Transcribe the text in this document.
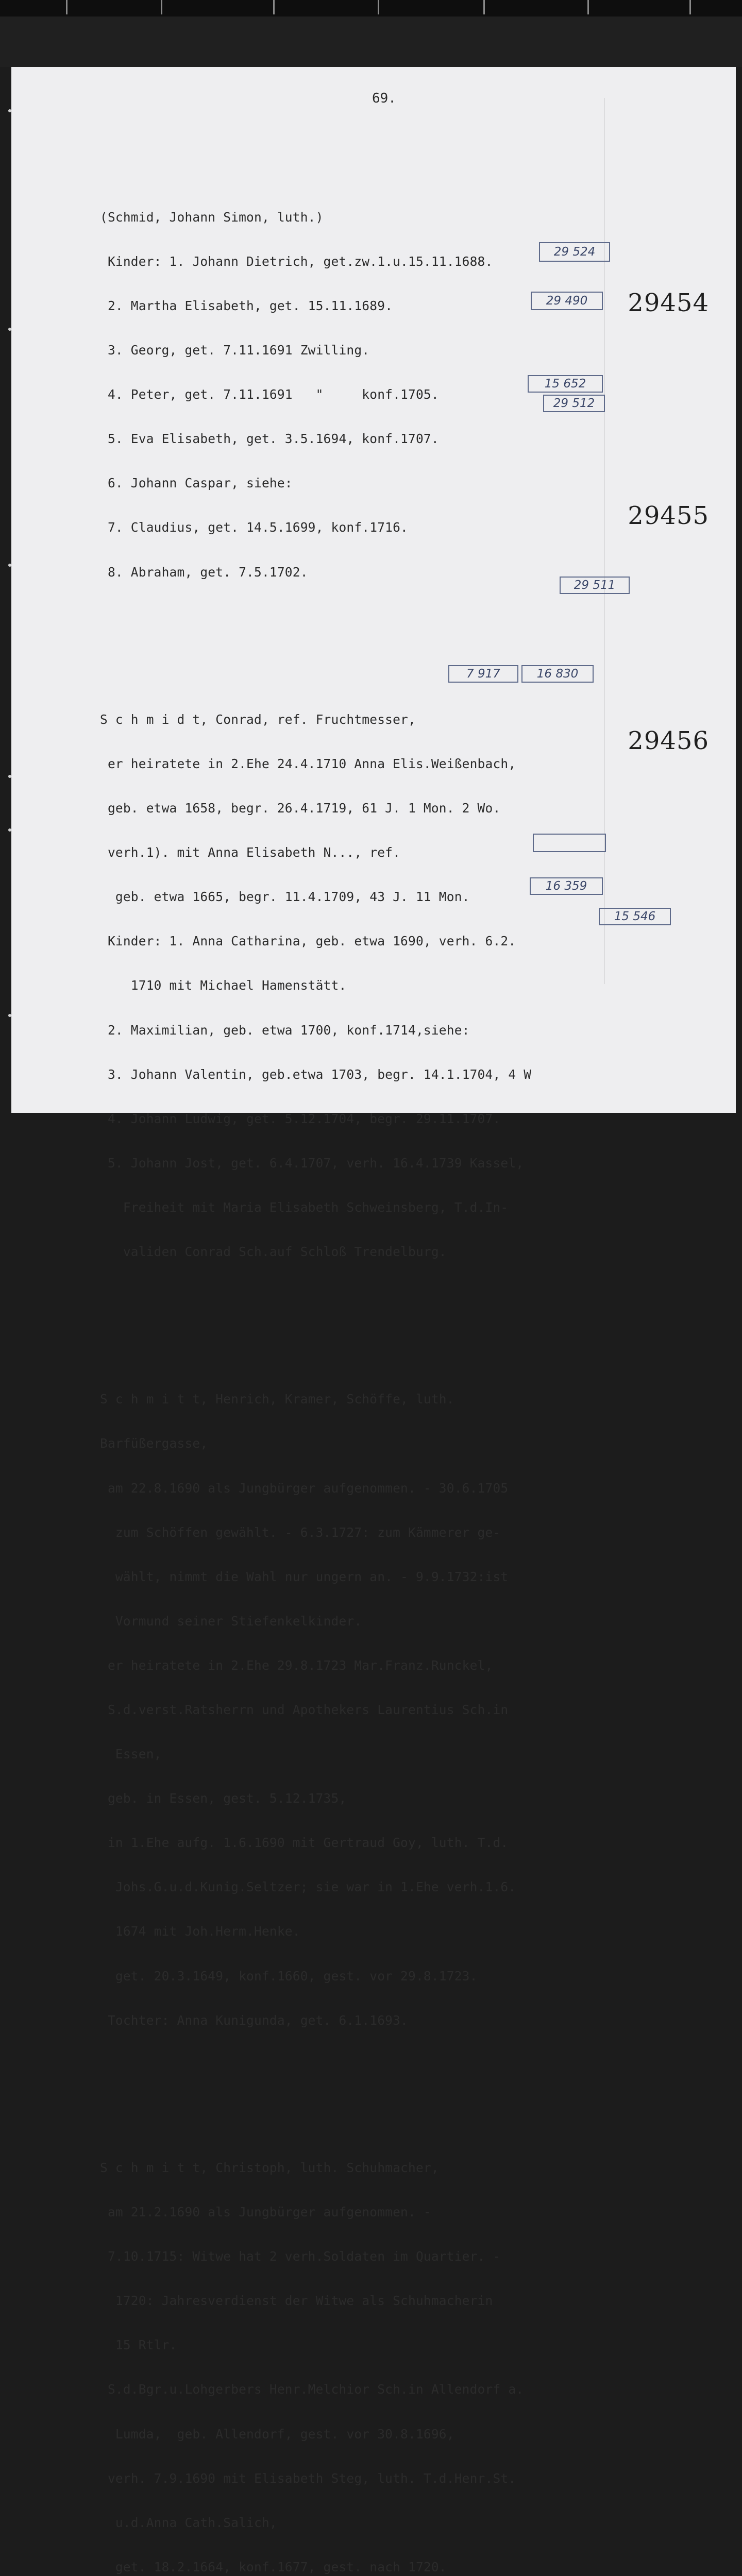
69.
29454
29455
29456
29 524
29 490
15 652
29 512
29 511
7 917	16 830
16 359
15 546

(Schmid, Johann Simon, luth.)

Kinder: 1. Johann Dietrich, get.zw.1.u.15.11.1688.

2. Martha Elisabeth, get. 15.11.1689.

3. Georg, get. 7.11.1691 Zwilling.

4. Peter, get. 7.11.1691   "     konf.1705.

5. Eva Elisabeth, get. 3.5.1694, konf.1707.

6. Johann Caspar, siehe:

7. Claudius, get. 14.5.1699, konf.1716.

8. Abraham, get. 7.5.1702.

S c h m i d t, Conrad, ref. Fruchtmesser,

er heiratete in 2.Ehe 24.4.1710 Anna Elis.Weißenbach,

geb. etwa 1658, begr. 26.4.1719, 61 J. 1 Mon. 2 Wo.

verh.1). mit Anna Elisabeth N..., ref.

geb. etwa 1665, begr. 11.4.1709, 43 J. 11 Mon.

Kinder: 1. Anna Catharina, geb. etwa 1690, verh. 6.2.

1710 mit Michael Hamenstätt.

2. Maximilian, geb. etwa 1700, konf.1714,siehe:

3. Johann Valentin, geb.etwa 1703, begr. 14.1.1704, 4 W

4. Johann Ludwig, get. 5.12.1704, begr. 29.11.1707.

5. Johann Jost, get. 6.4.1707, verh. 16.4.1739 Kassel,

Freiheit mit Maria Elisabeth Schweinsberg, T.d.In-

validen Conrad Sch.auf Schloß Trendelburg.

S c h m i t t, Henrich, Kramer, Schöffe, luth.

Barfüßergasse,

am 22.8.1690 als Jungbürger aufgenommen. - 30.6.1705

zum Schöffen gewählt. - 6.3.1727: zum Kämmerer ge-

wählt, nimmt die Wahl nur ungern an. - 9.9.1732:ist

Vormund seiner Stiefenkelkinder.

er heiratete in 2.Ehe 29.8.1723 Mar.Franz.Runckel,

S.d.verst.Ratsherrn und Apothekers Laurentius Sch.in

Essen,

geb. in Essen, gest. 5.12.1735,

in 1.Ehe aufg. 1.6.1690 mit Gertraud Goy, luth. T.d.

Johs.G.u.d.Kunig.Seltzer; sie war in 1.Ehe verh.1.6.

1674 mit Joh.Herm.Henke.

get. 20.3.1649, konf.1660, gest. vor 29.8.1723.

Tochter: Anna Kunigunda, get. 6.1.1693.

S c h m i t t, Christoph, luth. Schuhmacher,

am 21.2.1690 als Jungbürger aufgenommen. -

7.10.1715: Witwe hat 2 verh.Soldaten im Quartier. -

1720: Jahresverdienst der Witwe als Schuhmacherin

15 Rtlr.

S.d.Bgr.u.Lohgerbers Henr.Melchior Sch.in Allendorf a.

Lumda,  geb. Allendorf, gest. vor 30.8.1696,

verh. 7.9.1690 mit Elisabeth Steg, luth. T.d.Henr.St.

u.d.Anna Cath.Salich,

get. 18.2.1664, konf.1677, gest. nach 1720.
